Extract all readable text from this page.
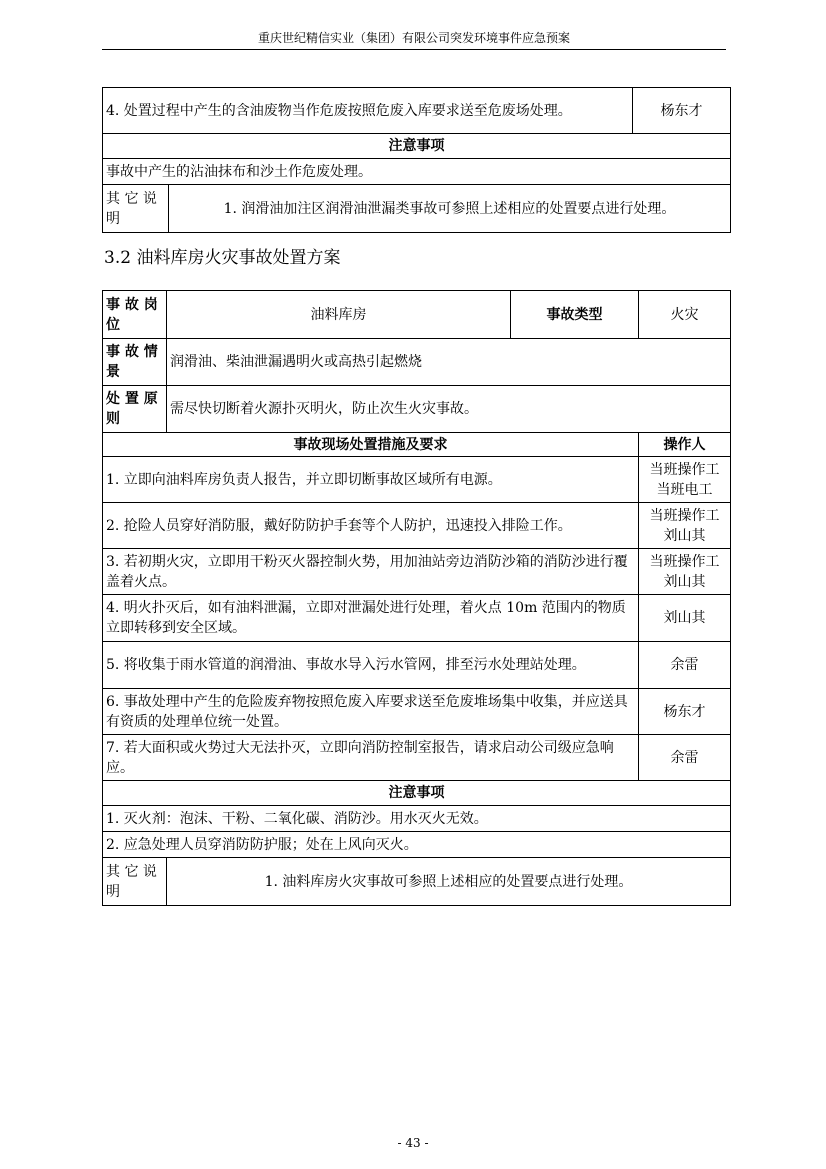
重庆世纪精信实业（集团）有限公司突发环境事件应急预案
4. 处置过程中产生的含油废物当作危废按照危废入库要求送至危废场处理。		杨东才
注意事项		
事故中产生的沾油抹布和沙土作危废处理。		
其 它 说明	1. 润滑油加注区润滑油泄漏类事故可参照上述相应的处置要点进行处理。	
3.2 油料库房火灾事故处置方案
事 故 岗位	油料库房	事故类型	火灾
事 故 情景	润滑油、柴油泄漏遇明火或高热引起燃烧		
处 置 原则	需尽快切断着火源扑灭明火，防止次生火灾事故。		
事故现场处置措施及要求			操作人
1. 立即向油料库房负责人报告，并立即切断事故区域所有电源。			当班操作工
当班电工
2. 抢险人员穿好消防服，戴好防防护手套等个人防护，迅速投入排险工作。			当班操作工
刘山其
3. 若初期火灾，立即用干粉灭火器控制火势，用加油站旁边消防沙箱的消防沙进行覆盖着火点。			当班操作工
刘山其
4. 明火扑灭后，如有油料泄漏，立即对泄漏处进行处理，着火点 10m 范围内的物质立即转移到安全区域。			刘山其
5. 将收集于雨水管道的润滑油、事故水导入污水管网，排至污水处理站处理。			余雷
6. 事故处理中产生的危险废弃物按照危废入库要求送至危废堆场集中收集，并应送具有资质的处理单位统一处置。			杨东才
7. 若大面积或火势过大无法扑灭，立即向消防控制室报告，请求启动公司级应急响应。			余雷
注意事项			
1. 灭火剂：泡沫、干粉、二氧化碳、消防沙。用水灭火无效。			
2. 应急处理人员穿消防防护服；处在上风向灭火。			
其 它 说明	1. 油料库房火灾事故可参照上述相应的处置要点进行处理。		
- 43 -
